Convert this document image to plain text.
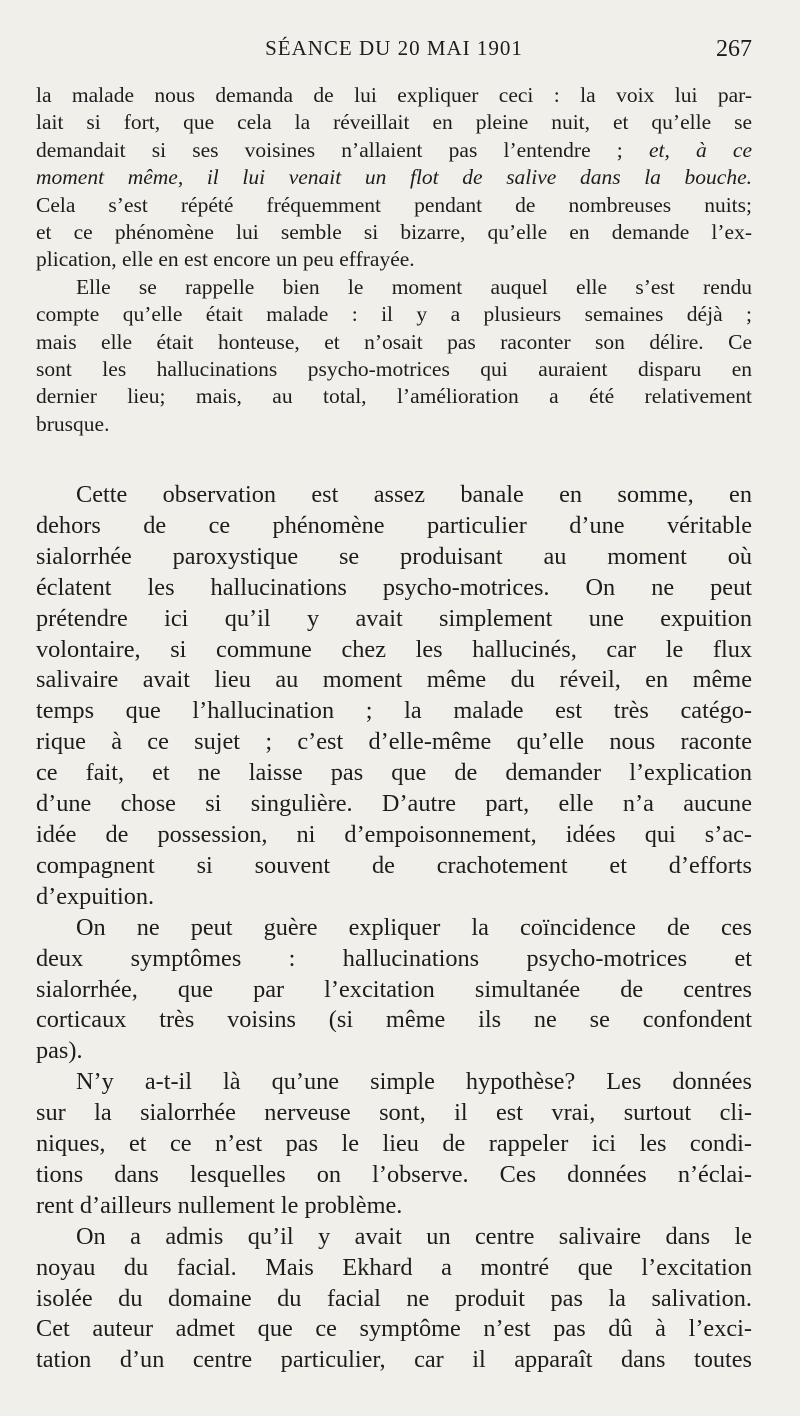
SÉANCE DU 20 MAI 1901	267

la malade nous demanda de lui expliquer ceci : la voix lui par-
lait si fort, que cela la réveillait en pleine nuit, et qu’elle se
demandait si ses voisines n’allaient pas l’entendre ; et, à ce
moment même, il lui venait un flot de salive dans la bouche.
Cela s’est répété fréquemment pendant de nombreuses nuits;
et ce phénomène lui semble si bizarre, qu’elle en demande l’ex-
plication, elle en est encore un peu effrayée.

Elle se rappelle bien le moment auquel elle s’est rendu
compte qu’elle était malade : il y a plusieurs semaines déjà ;
mais elle était honteuse, et n’osait pas raconter son délire. Ce
sont les hallucinations psycho-motrices qui auraient disparu en
dernier lieu; mais, au total, l’amélioration a été relativement
brusque.

Cette observation est assez banale en somme, en
dehors de ce phénomène particulier d’une véritable
sialorrhée paroxystique se produisant au moment où
éclatent les hallucinations psycho-motrices. On ne peut
prétendre ici qu’il y avait simplement une expuition
volontaire, si commune chez les hallucinés, car le flux
salivaire avait lieu au moment même du réveil, en même
temps que l’hallucination ; la malade est très catégo-
rique à ce sujet ; c’est d’elle-même qu’elle nous raconte
ce fait, et ne laisse pas que de demander l’explication
d’une chose si singulière. D’autre part, elle n’a aucune
idée de possession, ni d’empoisonnement, idées qui s’ac-
compagnent si souvent de crachotement et d’efforts
d’expuition.

On ne peut guère expliquer la coïncidence de ces
deux symptômes : hallucinations psycho-motrices et
sialorrhée, que par l’excitation simultanée de centres
corticaux très voisins (si même ils ne se confondent
pas).

N’y a-t-il là qu’une simple hypothèse? Les données
sur la sialorrhée nerveuse sont, il est vrai, surtout cli-
niques, et ce n’est pas le lieu de rappeler ici les condi-
tions dans lesquelles on l’observe. Ces données n’éclai-
rent d’ailleurs nullement le problème.

On a admis qu’il y avait un centre salivaire dans le
noyau du facial. Mais Ekhard a montré que l’excitation
isolée du domaine du facial ne produit pas la salivation.
Cet auteur admet que ce symptôme n’est pas dû à l’exci-
tation d’un centre particulier, car il apparaît dans toutes
